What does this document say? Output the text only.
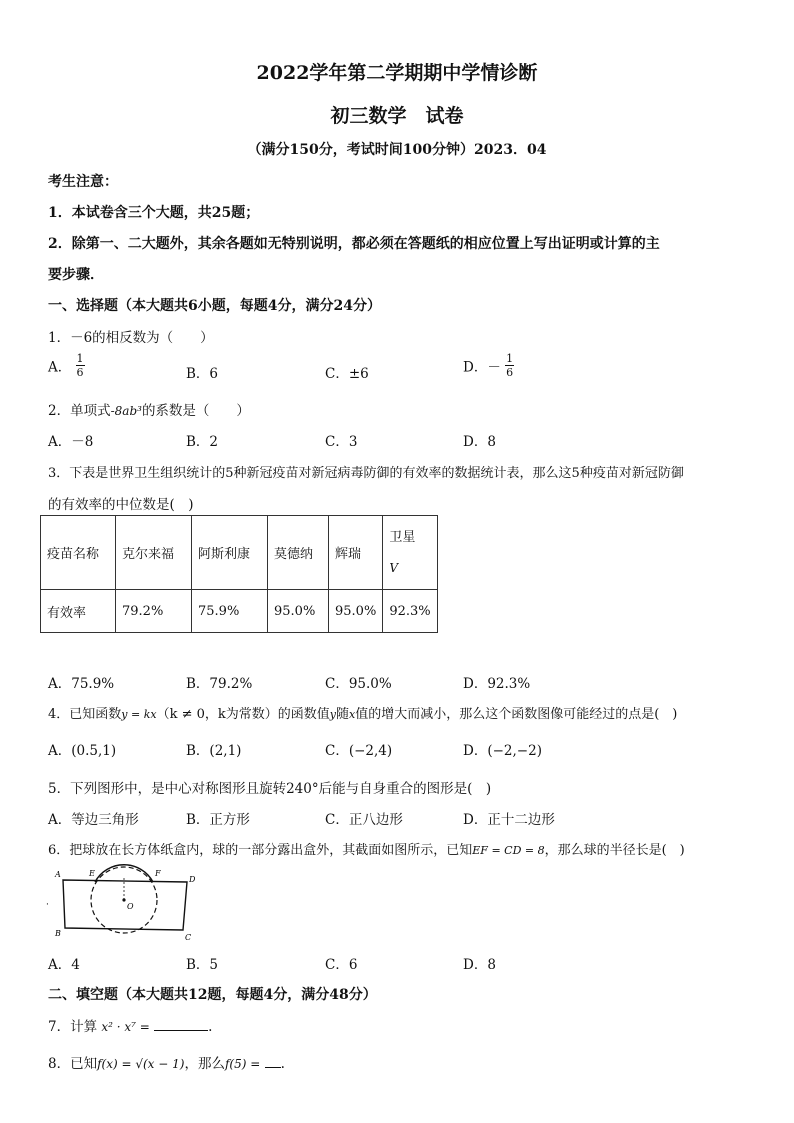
2022学年第二学期期中学情诊断
初三数学　试卷
（满分150分，考试时间100分钟）2023．04
考生注意：
1．本试卷含三个大题，共25题；
2．除第一、二大题外，其余各题如无特别说明，都必须在答题纸的相应位置上写出证明或计算的主
要步骤．
一、选择题（本大题共6小题，每题4分，满分24分）
1．－6的相反数为（　　）
A． $\frac{1}{6}$	B．6	C．±6	D．－ $\frac{1}{6}$
2．单项式-8ab³的系数是（　　）
A．－8	B．2	C．3	D．8
3．下表是世界卫生组织统计的5种新冠疫苗对新冠病毒防御的有效率的数据统计表，那么这5种疫苗对新冠防御
的有效率的中位数是(　)
疫苗名称	克尔来福	阿斯利康	莫德纳	辉瑞	卫星
V

有效率	79.2%	75.9%	95.0%	95.0%	92.3%
A．75.9%	B．79.2%	C．95.0%	D．92.3%
4．已知函数y = kx（k ≠ 0，k为常数）的函数值y随x值的增大而减小，那么这个函数图像可能经过的点是(　)
A．(0.5,1)	B．(2,1)	C．(−2,4)	D．(−2,−2)
5．下列图形中，是中心对称图形且旋转240°后能与自身重合的图形是(　)
A．等边三角形	B．正方形	C．正八边形	D．正十二边形
6．把球放在长方体纸盒内，球的一部分露出盒外，其截面如图所示，已知EF = CD = 8，那么球的半径长是(　)
A
B	C
D
E	F
O
·
A．4	B．5	C．6	D．8
二、填空题（本大题共12题，每题4分，满分48分）
7．计算 x² · x⁷ =	.
8．已知f(x) = √(x − 1)，那么f(5) = .
